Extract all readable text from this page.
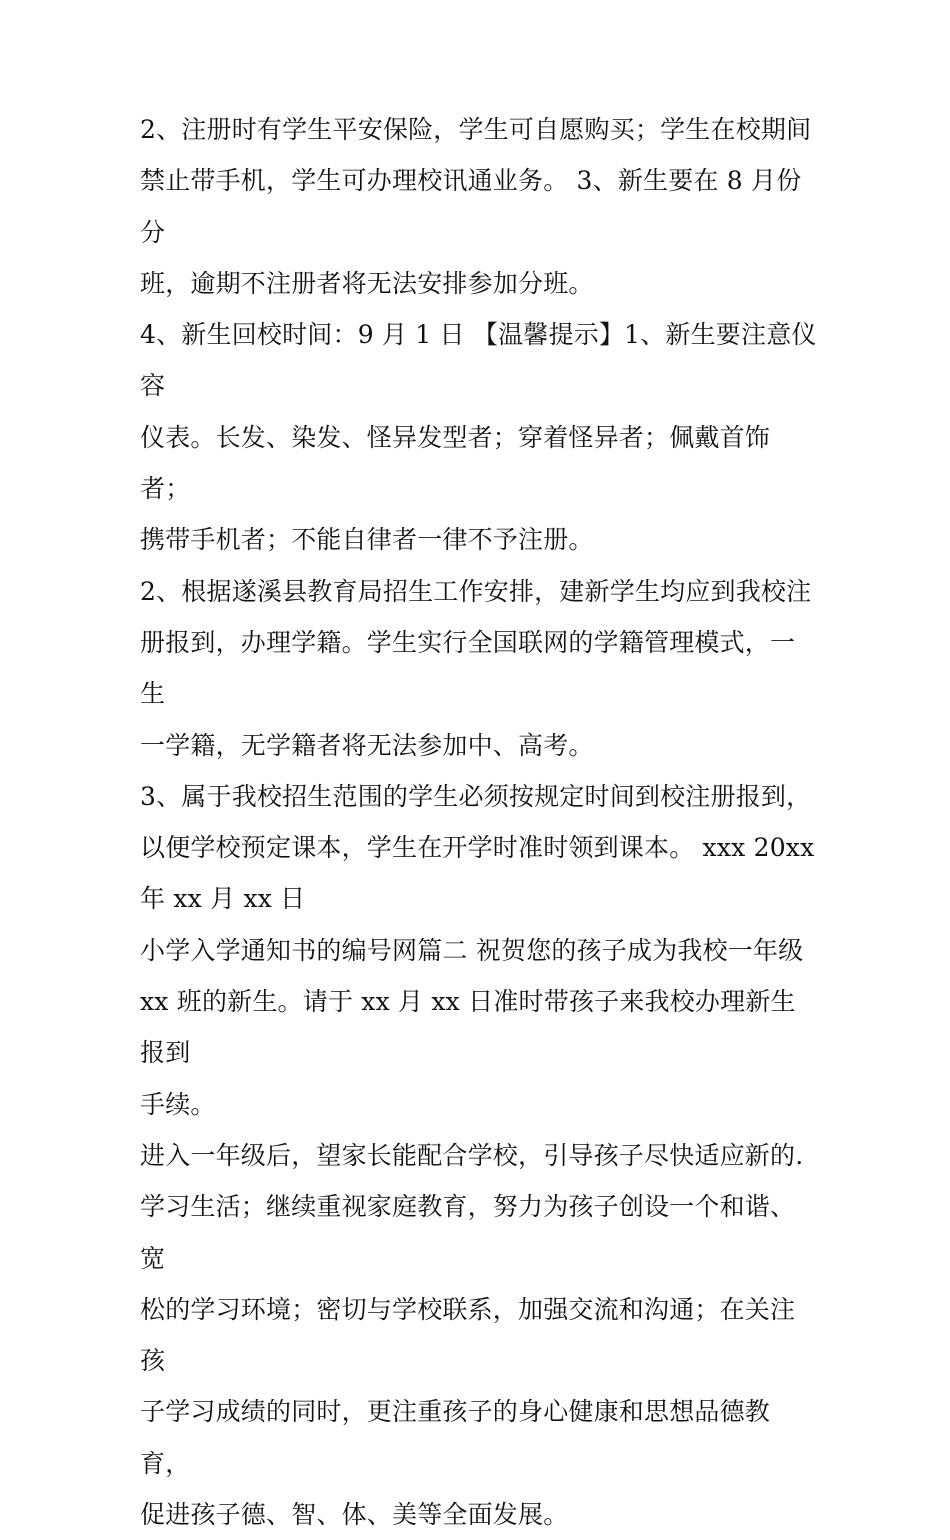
2、注册时有学生平安保险，学生可自愿购买；学生在校期间

禁止带手机，学生可办理校讯通业务。 3、新生要在 8 月份分

班，逾期不注册者将无法安排参加分班。

4、新生回校时间：9 月 1 日 【温馨提示】1、新生要注意仪容

仪表。长发、染发、怪异发型者；穿着怪异者；佩戴首饰者；

携带手机者；不能自律者一律不予注册。

2、根据遂溪县教育局招生工作安排，建新学生均应到我校注

册报到，办理学籍。学生实行全国联网的学籍管理模式，一生

一学籍，无学籍者将无法参加中、高考。

3、属于我校招生范围的学生必须按规定时间到校注册报到，

以便学校预定课本，学生在开学时准时领到课本。 xxx 20xx

年 xx 月 xx 日

小学入学通知书的编号网篇二 祝贺您的孩子成为我校一年级

xx 班的新生。请于 xx 月 xx 日准时带孩子来我校办理新生报到

手续。

进入一年级后，望家长能配合学校，引导孩子尽快适应新的.

学习生活；继续重视家庭教育，努力为孩子创设一个和谐、宽

松的学习环境；密切与学校联系，加强交流和沟通；在关注孩

子学习成绩的同时，更注重孩子的身心健康和思想品德教育，

促进孩子德、智、体、美等全面发展。
